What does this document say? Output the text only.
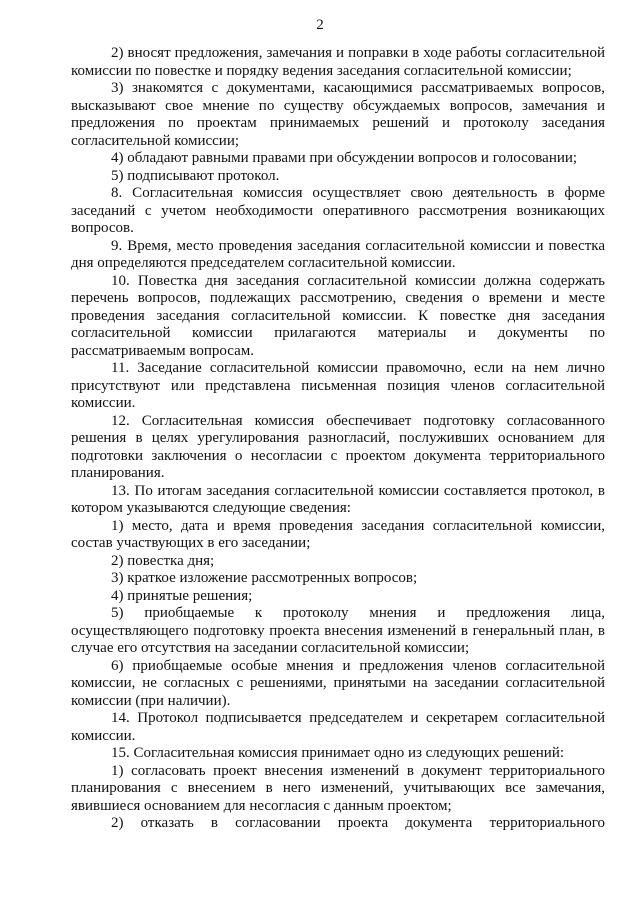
2

2) вносят предложения, замечания и поправки в ходе работы согласительной комиссии по повестке и порядку ведения заседания согласительной комиссии;

3) знакомятся с документами, касающимися рассматриваемых вопросов, высказывают свое мнение по существу обсуждаемых вопросов, замечания и предложения по проектам принимаемых решений и протоколу заседания согласительной комиссии;

4) обладают равными правами при обсуждении вопросов и голосовании;

5) подписывают протокол.

8. Согласительная комиссия осуществляет свою деятельность в форме заседаний с учетом необходимости оперативного рассмотрения возникающих вопросов.

9. Время, место проведения заседания согласительной комиссии и повестка дня определяются председателем согласительной комиссии.

10. Повестка дня заседания согласительной комиссии должна содержать перечень вопросов, подлежащих рассмотрению, сведения о времени и месте проведения заседания согласительной комиссии. К повестке дня заседания согласительной комиссии прилагаются материалы и документы по рассматриваемым вопросам.

11. Заседание согласительной комиссии правомочно, если на нем лично присутствуют или представлена письменная позиция членов согласительной комиссии.

12. Согласительная комиссия обеспечивает подготовку согласованного решения в целях урегулирования разногласий, послуживших основанием для подготовки заключения о несогласии с проектом документа территориального планирования.

13. По итогам заседания согласительной комиссии составляется протокол, в котором указываются следующие сведения:

1) место, дата и время проведения заседания согласительной комиссии, состав участвующих в его заседании;

2) повестка дня;

3) краткое изложение рассмотренных вопросов;

4) принятые решения;

5) приобщаемые к протоколу мнения и предложения лица, осуществляющего подготовку проекта внесения изменений в генеральный план, в случае его отсутствия на заседании согласительной комиссии;

6) приобщаемые особые мнения и предложения членов согласительной комиссии, не согласных с решениями, принятыми на заседании согласительной комиссии (при наличии).

14. Протокол подписывается председателем и секретарем согласительной комиссии.

15. Согласительная комиссия принимает одно из следующих решений:

1) согласовать проект внесения изменений в документ территориального планирования с внесением в него изменений, учитывающих все замечания, явившиеся основанием для несогласия с данным проектом;

2) отказать в согласовании проекта документа территориального
